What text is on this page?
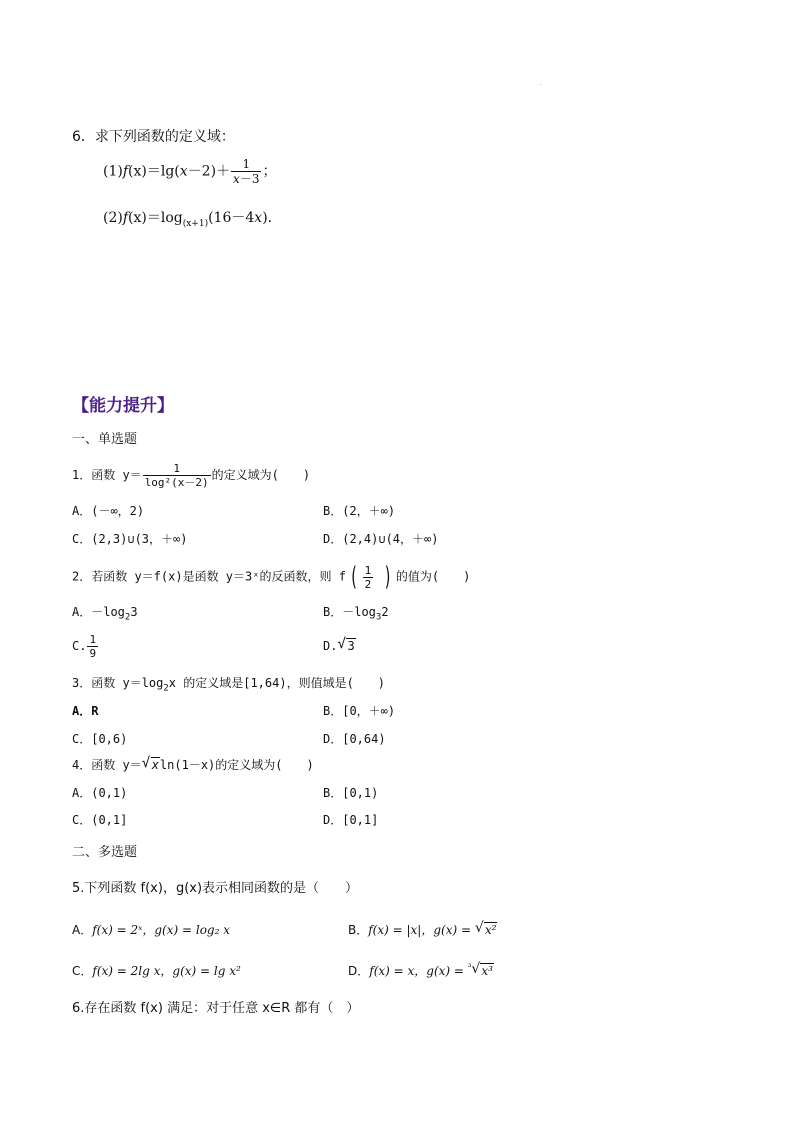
6．求下列函数的定义域：
$(1)f(x)=\lg(x-2)+ \frac{1}{x-3}$ ；
$(2)f(x)=\log_{(x+1)}(16-4x)$．
【能力提升】
一、单选题
1．函数 $y= \frac{1}{\text{log²(x－2)}}$ 的定义域为(　　)
A．(－∞，2)	B．(2，＋∞)
C．(2,3)∪(3，＋∞)	D．(2,4)∪(4，＋∞)
2．若函数 y＝f(x)是函数 y＝3ˣ的反函数，则 f ( $\frac{1}{2}$ ) 的值为(　　)
A．$-\log_23$	B．$-\log_32$
C. $\frac{1}{9}$	D. √ 3
3．函数 $y=\log_2x$ 的定义域是[1,64)，则值域是(　　)
A．R	B．[0，＋∞)
C．[0,6)	D．[0,64)
4．函数 y＝ √ xln(1－x)的定义域为(　　)
A．(0,1)	B．[0,1)
C．(0,1]	D．[0,1]
二、多选题
5.下列函数 f(x)，g(x)表示相同函数的是（　　）
A．f(x) = 2ˣ，g(x) = log₂ x	B．f(x) = |x|，g(x) = √ x²
C．f(x) = 2lg x，g(x) = lg x²	D．f(x) = x，g(x) = $^{^3}$ √ x³
6.存在函数 f(x) 满足：对于任意 x∈R 都有（　）
